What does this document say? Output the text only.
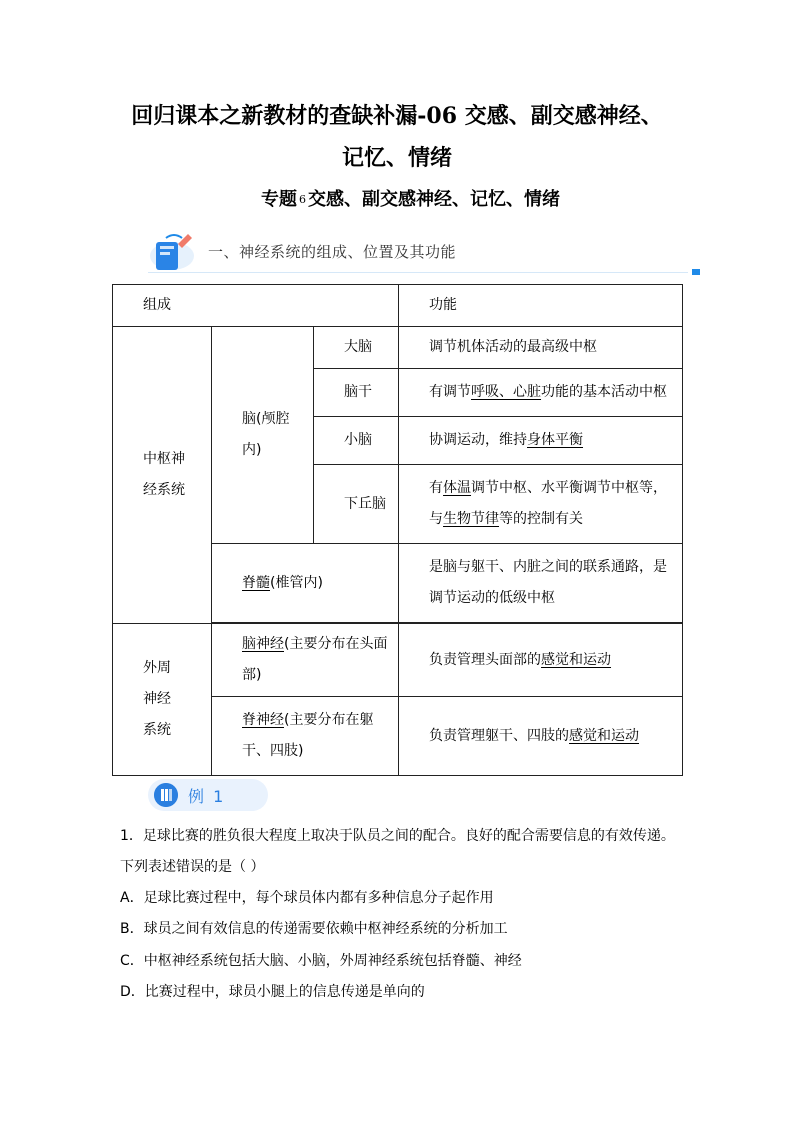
回归课本之新教材的查缺补漏-06 交感、副交感神经、
记忆、情绪
专题 6 交感、副交感神经、记忆、情绪
一、神经系统的组成、位置及其功能
组成			功能
中枢神经系统	脑(颅腔内)	大脑	调节机体活动的最高级中枢
		脑干	有调节呼吸、心脏功能的基本活动中枢
		小脑	协调运动，维持身体平衡
		下丘脑	有体温调节中枢、水平衡调节中枢等，与生物节律等的控制有关
	脊髓(椎管内)		是脑与躯干、内脏之间的联系通路，是调节运动的低级中枢

外周神经系统	脑神经(主要分布在头面部)		负责管理头面部的感觉和运动
	脊神经(主要分布在躯干、四肢)		负责管理躯干、四肢的感觉和运动
例 1
1．足球比赛的胜负很大程度上取决于队员之间的配合。良好的配合需要信息的有效传递。
下列表述错误的是（ ）
A．足球比赛过程中，每个球员体内都有多种信息分子起作用
B．球员之间有效信息的传递需要依赖中枢神经系统的分析加工
C．中枢神经系统包括大脑、小脑，外周神经系统包括脊髓、神经
D．比赛过程中，球员小腿上的信息传递是单向的
